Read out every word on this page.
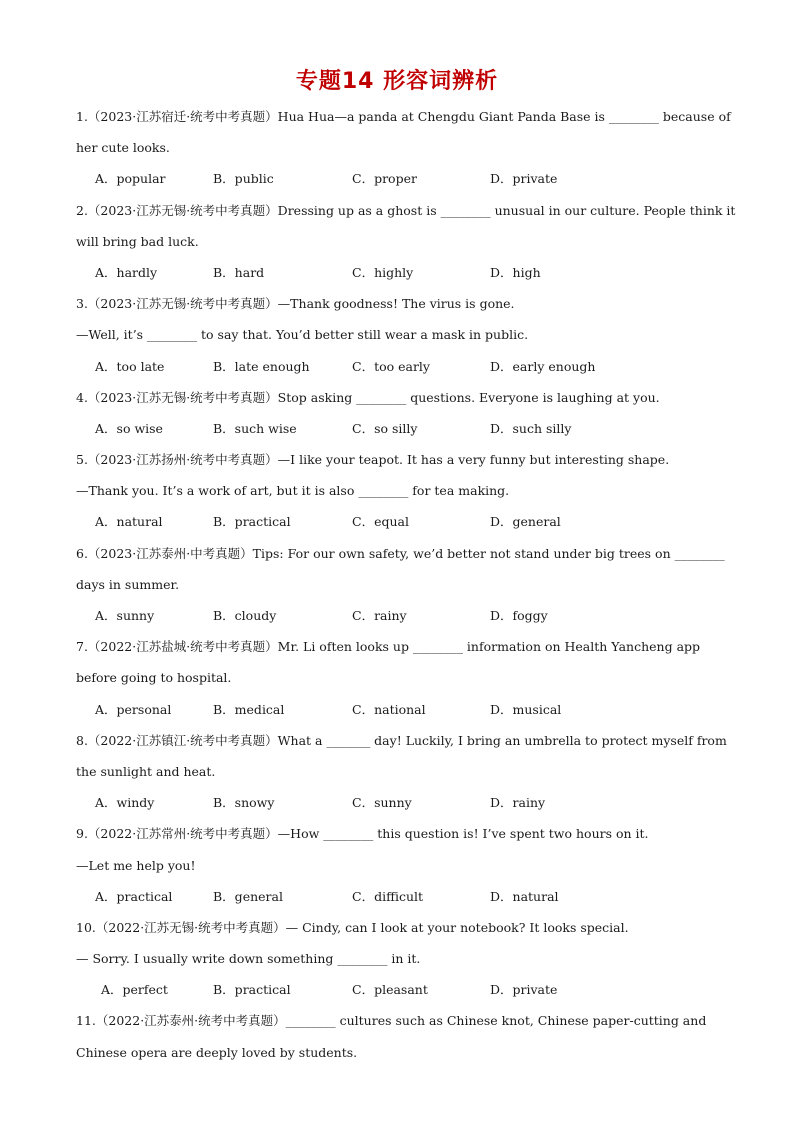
专题14 形容词辨析
1.（2023·江苏宿迁·统考中考真题）Hua Hua—a panda at Chengdu Giant Panda Base is ________ because of
her cute looks.
A．popular	B．public	C．proper	D．private
2.（2023·江苏无锡·统考中考真题）Dressing up as a ghost is ________ unusual in our culture. People think it
will bring bad luck.
A．hardly	B．hard	C．highly	D．high
3.（2023·江苏无锡·统考中考真题）—Thank goodness! The virus is gone.
—Well, it’s ________ to say that. You’d better still wear a mask in public.
A．too late	B．late enough	C．too early	D．early enough
4.（2023·江苏无锡·统考中考真题）Stop asking ________ questions. Everyone is laughing at you.
A．so wise	B．such wise	C．so silly	D．such silly
5.（2023·江苏扬州·统考中考真题）—I like your teapot. It has a very funny but interesting shape.
—Thank you. It’s a work of art, but it is also ________ for tea making.
A．natural	B．practical	C．equal	D．general
6.（2023·江苏泰州·中考真题）Tips: For our own safety, we’d better not stand under big trees on ________
days in summer.
A．sunny	B．cloudy	C．rainy	D．foggy
7.（2022·江苏盐城·统考中考真题）Mr. Li often looks up ________ information on Health Yancheng app
before going to hospital.
A．personal	B．medical	C．national	D．musical
8.（2022·江苏镇江·统考中考真题）What a _______ day! Luckily, I bring an umbrella to protect myself from
the sunlight and heat.
A．windy	B．snowy	C．sunny	D．rainy
9.（2022·江苏常州·统考中考真题）—How ________ this question is! I’ve spent two hours on it.
—Let me help you!
A．practical	B．general	C．difficult	D．natural
10.（2022·江苏无锡·统考中考真题）— Cindy, can I look at your notebook? It looks special.
— Sorry. I usually write down something ________ in it.
A．perfect	B．practical	C．pleasant	D．private
11.（2022·江苏泰州·统考中考真题）________ cultures such as Chinese knot, Chinese paper-cutting and
Chinese opera are deeply loved by students.
